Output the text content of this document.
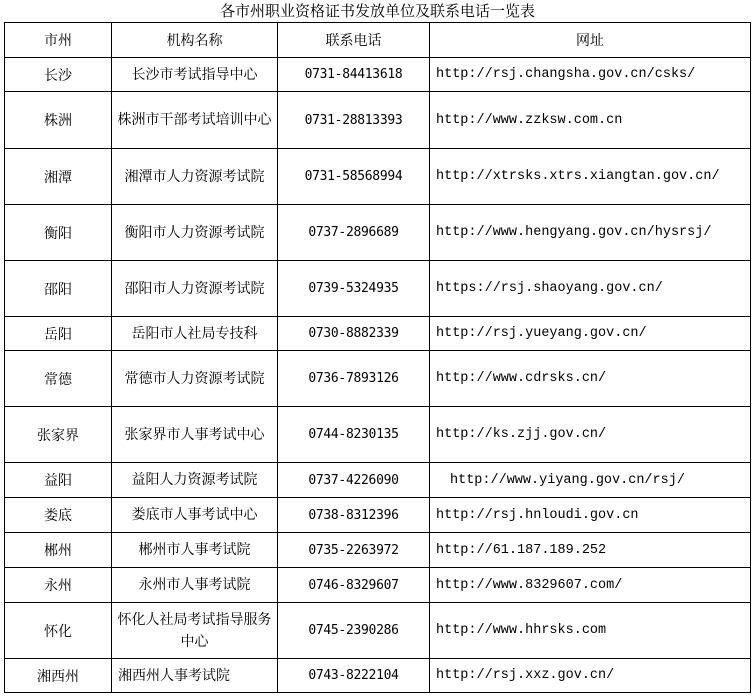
各市州职业资格证书发放单位及联系电话一览表
市州	机构名称	联系电话	网址
长沙	长沙市考试指导中心	0731-84413618	http://rsj.changsha.gov.cn/csks/
株洲	株洲市干部考试培训中心	0731-28813393	http://www.zzksw.com.cn
湘潭	湘潭市人力资源考试院	0731-58568994	http://xtrsks.xtrs.xiangtan.gov.cn/
衡阳	衡阳市人力资源考试院	0737-2896689	http://www.hengyang.gov.cn/hysrsj/
邵阳	邵阳市人力资源考试院	0739-5324935	https://rsj.shaoyang.gov.cn/
岳阳	岳阳市人社局专技科	0730-8882339	http://rsj.yueyang.gov.cn/
常德	常德市人力资源考试院	0736-7893126	http://www.cdrsks.cn/
张家界	张家界市人事考试中心	0744-8230135	http://ks.zjj.gov.cn/
益阳	益阳人力资源考试院	0737-4226090	http://www.yiyang.gov.cn/rsj/
娄底	娄底市人事考试中心	0738-8312396	http://rsj.hnloudi.gov.cn
郴州	郴州市人事考试院	0735-2263972	http://61.187.189.252
永州	永州市人事考试院	0746-8329607	http://www.8329607.com/
怀化	怀化人社局考试指导服务中心	0745-2390286	http://www.hhrsks.com
湘西州	湘西州人事考试院	0743-8222104	http://rsj.xxz.gov.cn/
